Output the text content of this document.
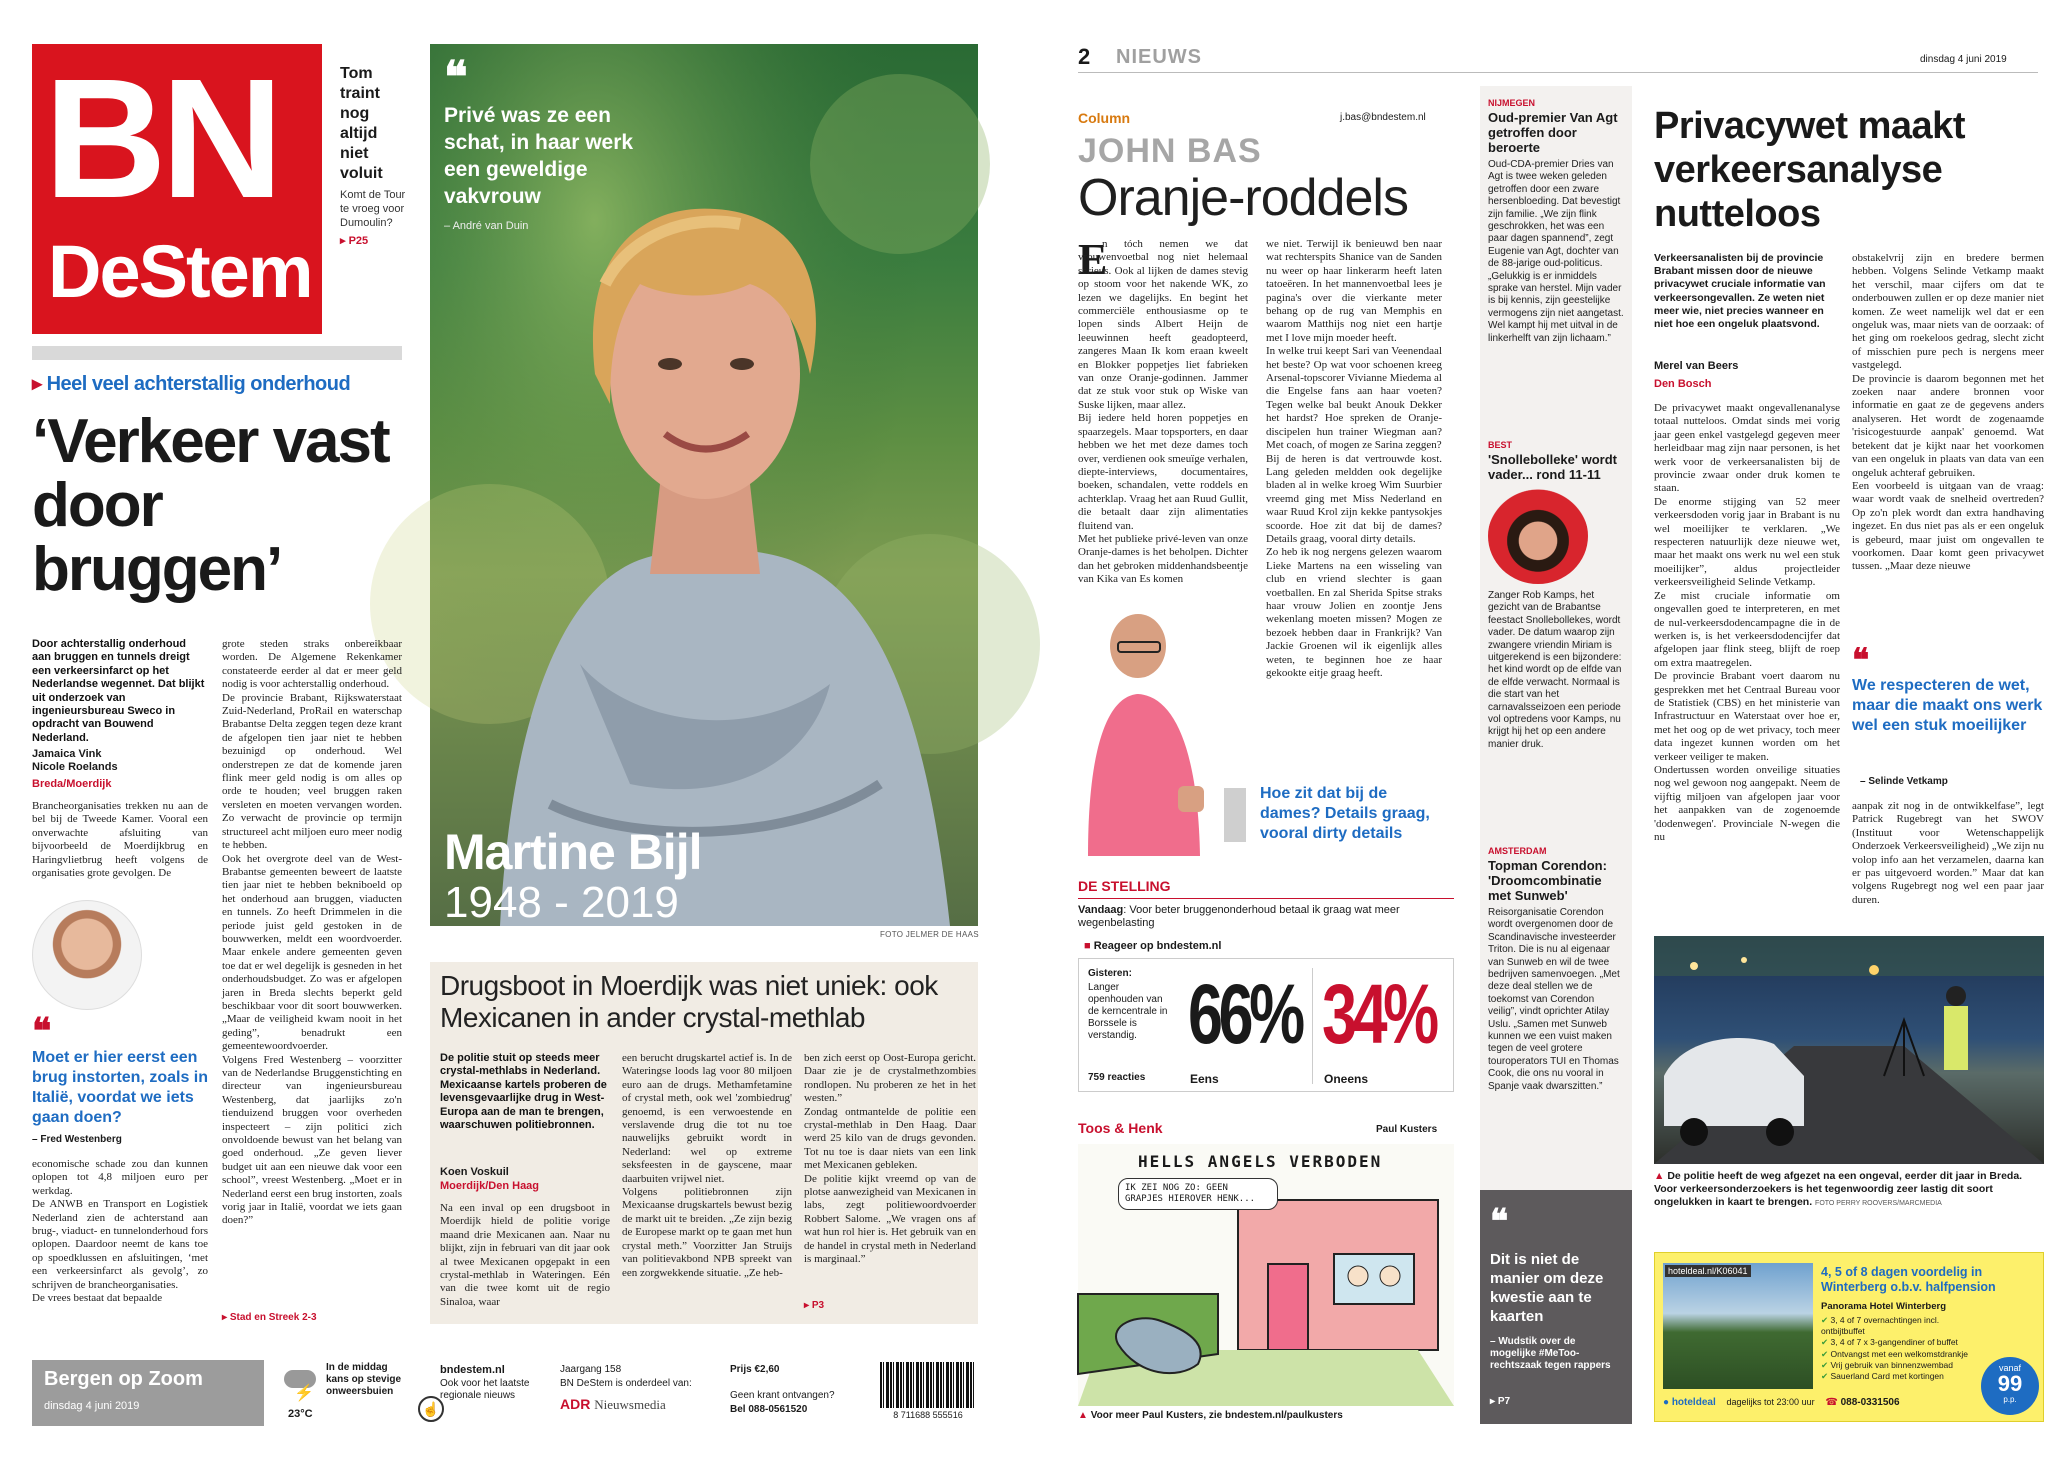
BN
DeStem
Tom traint nog altijd niet voluit
Komt de Tour te vroeg voor Dumoulin?
▸ P25
❝
Privé was ze een schat, in haar werk een geweldige vakvrouw
– André van Duin
Martine Bijl
1948 - 2019
P4-5	FOTO JELMER DE HAAS
▸ Heel veel achterstallig onderhoud
‘Verkeer vast door bruggen’
Door achterstallig onderhoud aan bruggen en tunnels dreigt een verkeersinfarct op het Nederlandse wegennet. Dat blijkt uit onderzoek van ingenieursbureau Sweco in opdracht van Bouwend Nederland.
Jamaica Vink
Nicole Roelands
Breda/Moerdijk
Brancheorganisaties trekken nu aan de bel bij de Tweede Kamer. Vooral een onverwachte afsluiting van bijvoorbeeld de Moerdijkbrug en Haringvlietbrug heeft volgens de organisaties grote gevolgen. De
❝
Moet er hier eerst een brug instorten, zoals in Italië, voordat we iets gaan doen?
– Fred Westenberg
economische schade zou dan kunnen oplopen tot 4,8 miljoen euro per werkdag.
De ANWB en Transport en Logistiek Nederland zien de achterstand aan brug-, viaduct- en tunnelonderhoud fors oplopen. Daardoor neemt de kans toe op spoedklussen en afsluitingen, ‘met een verkeersinfarct als gevolg’, zo schrijven de brancheorganisaties.
De vrees bestaat dat bepaalde
grote steden straks onbereikbaar worden. De Algemene Rekenkamer constateerde eerder al dat er meer geld nodig is voor achterstallig onderhoud.
De provincie Brabant, Rijkswaterstaat Zuid-Nederland, ProRail en waterschap Brabantse Delta zeggen tegen deze krant de afgelopen tien jaar niet te hebben bezuinigd op onderhoud. Wel onderstrepen ze dat de komende jaren flink meer geld nodig is om alles op orde te houden; veel bruggen raken versleten en moeten vervangen worden. Zo verwacht de provincie op termijn structureel acht miljoen euro meer nodig te hebben.
Ook het overgrote deel van de West-Brabantse gemeenten beweert de laatste tien jaar niet te hebben bekniboeld op het onderhoud aan bruggen, viaducten en tunnels. Zo heeft Drimmelen in die periode juist geld gestoken in de bouwwerken, meldt een woordvoerder. Maar enkele andere gemeenten geven toe dat er wel degelijk is gesneden in het onderhoudsbudget. Zo was er afgelopen jaren in Breda slechts beperkt geld beschikbaar voor dit soort bouwwerken. „Maar de veiligheid kwam nooit in het geding”, benadrukt een gemeentewoordvoerder.
Volgens Fred Westenberg – voorzitter van de Nederlandse Bruggenstichting en directeur van ingenieursbureau Westenberg, dat jaarlijks zo'n tienduizend bruggen voor overheden inspecteert – zijn politici zich onvoldoende bewust van het belang van goed onderhoud. „Ze geven liever budget uit aan een nieuwe dak voor een school”, vreest Westenberg. „Moet er in Nederland eerst een brug instorten, zoals vorig jaar in Italië, voordat we iets gaan doen?”
▸ Stad en Streek 2-3
Drugsboot in Moerdijk was niet uniek: ook Mexicanen in ander crystal-methlab
De politie stuit op steeds meer crystal-methlabs in Nederland. Mexicaanse kartels proberen de levensgevaarlijke drug in West-Europa aan de man te brengen, waarschuwen politiebronnen.
Koen Voskuil
Moerdijk/Den Haag
Na een inval op een drugsboot in Moerdijk hield de politie vorige maand drie Mexicanen aan. Naar nu blijkt, zijn in februari van dit jaar ook al twee Mexicanen opgepakt in een crystal-methlab in Wateringen. Eén van die twee komt uit de regio Sinaloa, waar
een berucht drugskartel actief is. In de Wateringse loods lag voor 80 miljoen euro aan de drugs. Methamfetamine of crystal meth, ook wel 'zombiedrug' genoemd, is een verwoestende en verslavende drug die tot nu toe nauwelijks gebruikt wordt in Nederland: wel op extreme seksfeesten in de gayscene, maar daarbuiten vrijwel niet.
Volgens politiebronnen zijn Mexicaanse drugskartels bewust bezig de markt uit te breiden. „Ze zijn bezig de Europese markt op te gaan met hun crystal meth.” Voorzitter Jan Struijs van politievakbond NPB spreekt van een zorgwekkende situatie. „Ze heb-
ben zich eerst op Oost-Europa gericht. Daar zie je de crystalmethzombies rondlopen. Nu proberen ze het in het westen.”
Zondag ontmantelde de politie een crystal-methlab in Den Haag. Daar werd 25 kilo van de drugs gevonden. Tot nu toe is daar niets van een link met Mexicanen gebleken.
De politie kijkt vreemd op van de plotse aanwezigheid van Mexicanen in labs, zegt politiewoordvoerder Robbert Salome. „We vragen ons af wat hun rol hier is. Het gebruik van en de handel in crystal meth in Nederland is marginaal.”
▸ P3
Bergen op Zoom
dinsdag 4 juni 2019
⚡
In de middag kans op stevige onweersbuien
23°C	☝
bndestem.nl
Ook voor het laatste regionale nieuws
Jaargang 158
BN DeStem is onderdeel van:
ADR Nieuwsmedia
Prijs €2,60
Geen krant ontvangen?
Bel 088-0561520	8 711688 555516
2 NIEUWS	dinsdag 4 juni 2019
Column	j.bas@bndestem.nl
JOHN BAS
Oranje-roddels
E
n tóch nemen we dat vrouwenvoetbal nog niet helemaal serieus. Ook al lijken de dames stevig op stoom voor het nakende WK, zo lezen we dagelijks. En begint het commerciële enthousiasme op te lopen sinds Albert Heijn de leeuwinnen heeft geadopteerd, zangeres Maan Ik kom eraan kweelt en Blokker poppetjes liet fabrieken van onze Oranje-godinnen. Jammer dat ze stuk voor stuk op Wiske van Suske lijken, maar allez.
Bij iedere held horen poppetjes en spaarzegels. Maar topsporters, en daar hebben we het met deze dames toch over, verdienen ook smeuïge verhalen, diepte-interviews, documentaires, boeken, schandalen, vette roddels en achterklap. Vraag het aan Ruud Gullit, die betaalt daar zijn alimentaties fluitend van.
Met het publieke privé-leven van onze Oranje-dames is het beholpen. Dichter dan het gebroken middenhandsbeentje van Kika van Es komen
we niet. Terwijl ik benieuwd ben naar wat rechterspits Shanice van de Sanden nu weer op haar linkerarm heeft laten tatoeëren. In het mannenvoetbal lees je pagina's over die vierkante meter behang op de rug van Memphis en waarom Matthijs nog niet een hartje met I love mijn moeder heeft.
In welke trui keept Sari van Veenendaal het beste? Op wat voor schoenen kreeg Arsenal-topscorer Vivianne Miedema al die Engelse fans aan haar voeten? Tegen welke bal beukt Anouk Dekker het hardst? Hoe spreken de Oranje-discipelen hun trainer Wiegman aan? Met coach, of mogen ze Sarina zeggen?
Bij de heren is dat vertrouwde kost. Lang geleden meldden ook degelijke bladen al in welke kroeg Wim Suurbier vreemd ging met Miss Nederland en waar Ruud Krol zijn kekke pantysokjes scoorde. Hoe zit dat bij de dames? Details graag, vooral dirty details.
Zo heb ik nog nergens gelezen waarom Lieke Martens na een wisseling van club en vriend slechter is gaan voetballen. En zal Sherida Spitse straks haar vrouw Jolien en zoontje Jens wekenlang moeten missen? Mogen ze bezoek hebben daar in Frankrijk? Van Jackie Groenen wil ik eigenlijk alles weten, te beginnen hoe ze haar gekookte eitje graag heeft.
Hoe zit dat bij de dames? Details graag, vooral dirty details
DE STELLING
Vandaag: Voor beter bruggenonderhoud betaal ik graag wat meer wegenbelasting
■ Reageer op bndestem.nl
Gisteren:
Langer openhouden van de kerncentrale in Borssele is verstandig.
759 reacties
66%
Eens
34%
Oneens
Toos & Henk	Paul Kusters
HELLS ANGELS VERBODEN
IK ZEI NOG ZO: GEEN GRAPJES HIEROVER HENK...
▲ Voor meer Paul Kusters, zie bndestem.nl/paulkusters
NIJMEGEN
Oud-premier Van Agt getroffen door beroerte
Oud-CDA-premier Dries van Agt is twee weken geleden getroffen door een zware hersenbloeding. Dat bevestigt zijn familie. „We zijn flink geschrokken, het was een paar dagen spannend”, zegt Eugenie van Agt, dochter van de 88-jarige oud-politicus. „Gelukkig is er inmiddels sprake van herstel. Mijn vader is bij kennis, zijn geestelijke vermogens zijn niet aangetast. Wel kampt hij met uitval in de linkerhelft van zijn lichaam.”
BEST
'Snollebolleke' wordt vader... rond 11-11
Zanger Rob Kamps, het gezicht van de Brabantse feestact Snollebollekes, wordt vader. De datum waarop zijn zwangere vriendin Miriam is uitgerekend is een bijzondere: het kind wordt op de elfde van de elfde verwacht. Normaal is die start van het carnavalsseizoen een periode vol optredens voor Kamps, nu krijgt hij het op een andere manier druk.
AMSTERDAM
Topman Corendon: 'Droomcombinatie met Sunweb'
Reisorganisatie Corendon wordt overgenomen door de Scandinavische investeerder Triton. Die is nu al eigenaar van Sunweb en wil de twee bedrijven samenvoegen. „Met deze deal stellen we de toekomst van Corendon veilig”, vindt oprichter Atilay Uslu. „Samen met Sunweb kunnen we een vuist maken tegen de veel grotere touroperators TUI en Thomas Cook, die ons nu vooral in Spanje vaak dwarszitten.”
❝
Dit is niet de manier om deze kwestie aan te kaarten
– Wudstik over de mogelijke #MeToo-rechtszaak tegen rappers
▸ P7
Privacywet maakt verkeersanalyse nutteloos
Verkeersanalisten bij de provincie Brabant missen door de nieuwe privacywet cruciale informatie van verkeersongevallen. Ze weten niet meer wie, niet precies wanneer en niet hoe een ongeluk plaatsvond.
Merel van Beers
Den Bosch
De privacywet maakt ongevallenanalyse totaal nutteloos. Omdat sinds mei vorig jaar geen enkel vastgelegd gegeven meer herleidbaar mag zijn naar personen, is het werk voor de verkeersanalisten bij de provincie zwaar onder druk komen te staan.
De enorme stijging van 52 meer verkeersdoden vorig jaar in Brabant is nu wel moeilijker te verklaren. „We respecteren natuurlijk deze nieuwe wet, maar het maakt ons werk nu wel een stuk moeilijker”, aldus projectleider verkeersveiligheid Selinde Vetkamp.
Ze mist cruciale informatie om ongevallen goed te interpreteren, en met de nul-verkeersdodencampagne die in de werken is, is het verkeersdodencijfer dat afgelopen jaar flink steeg, blijft de roep om extra maatregelen.
De provincie Brabant voert daarom nu gesprekken met het Centraal Bureau voor de Statistiek (CBS) en het ministerie van Infrastructuur en Waterstaat over hoe er, met het oog op de wet privacy, toch meer data ingezet kunnen worden om het verkeer veiliger te maken.
Ondertussen worden onveilige situaties nog wel gewoon nog aangepakt. Neem de vijftig miljoen van afgelopen jaar voor het aanpakken van de zogenoemde 'dodenwegen'. Provinciale N-wegen die nu
obstakelvrij zijn en bredere bermen hebben. Volgens Selinde Vetkamp maakt het verschil, maar cijfers om dat te onderbouwen zullen er op deze manier niet komen. Ze weet namelijk wel dat er een ongeluk was, maar niets van de oorzaak: of het ging om roekeloos gedrag, slecht zicht of misschien pure pech is nergens meer vastgelegd.
De provincie is daarom begonnen met het zoeken naar andere bronnen voor informatie en gaat ze de gegevens anders analyseren. Het wordt de zogenaamde 'risicogestuurde aanpak' genoemd. Wat betekent dat je kijkt naar het voorkomen van een ongeluk in plaats van data van een ongeluk achteraf gebruiken.
Een voorbeeld is uitgaan van de vraag: waar wordt vaak de snelheid overtreden? Op zo'n plek wordt dan extra handhaving ingezet. En dus niet pas als er een ongeluk is gebeurd, maar juist om ongevallen te voorkomen. Daar komt geen privacywet tussen. „Maar deze nieuwe
❝
We respecteren de wet, maar die maakt ons werk wel een stuk moeilijker
– Selinde Vetkamp
aanpak zit nog in de ontwikkelfase”, legt Patrick Rugebregt van het SWOV (Instituut voor Wetenschappelijk Onderzoek Verkeersveiligheid) „We zijn nu volop info aan het verzamelen, daarna kan er pas uitgevoerd worden.” Maar dat kan volgens Rugebregt nog wel een paar jaar duren.
▲ De politie heeft de weg afgezet na een ongeval, eerder dit jaar in Breda. Voor verkeersonderzoekers is het tegenwoordig zeer lastig dit soort ongelukken in kaart te brengen. FOTO PERRY ROOVERS/MARCMEDIA
hoteldeal.nl/K06041	4, 5 of 8 dagen voordelig in Winterberg o.b.v. halfpension
Panorama Hotel Winterberg
✔ 3, 4 of 7 overnachtingen incl. ontbijtbuffet
✔ 3, 4 of 7 x 3-gangendiner of buffet
✔ Ontvangst met een welkomstdrankje
✔ Vrij gebruik van binnenzwembad
✔ Sauerland Card met kortingen
vanaf
99
p.p.
● hoteldeal dagelijks tot 23:00 uur ☎ 088-0331506
